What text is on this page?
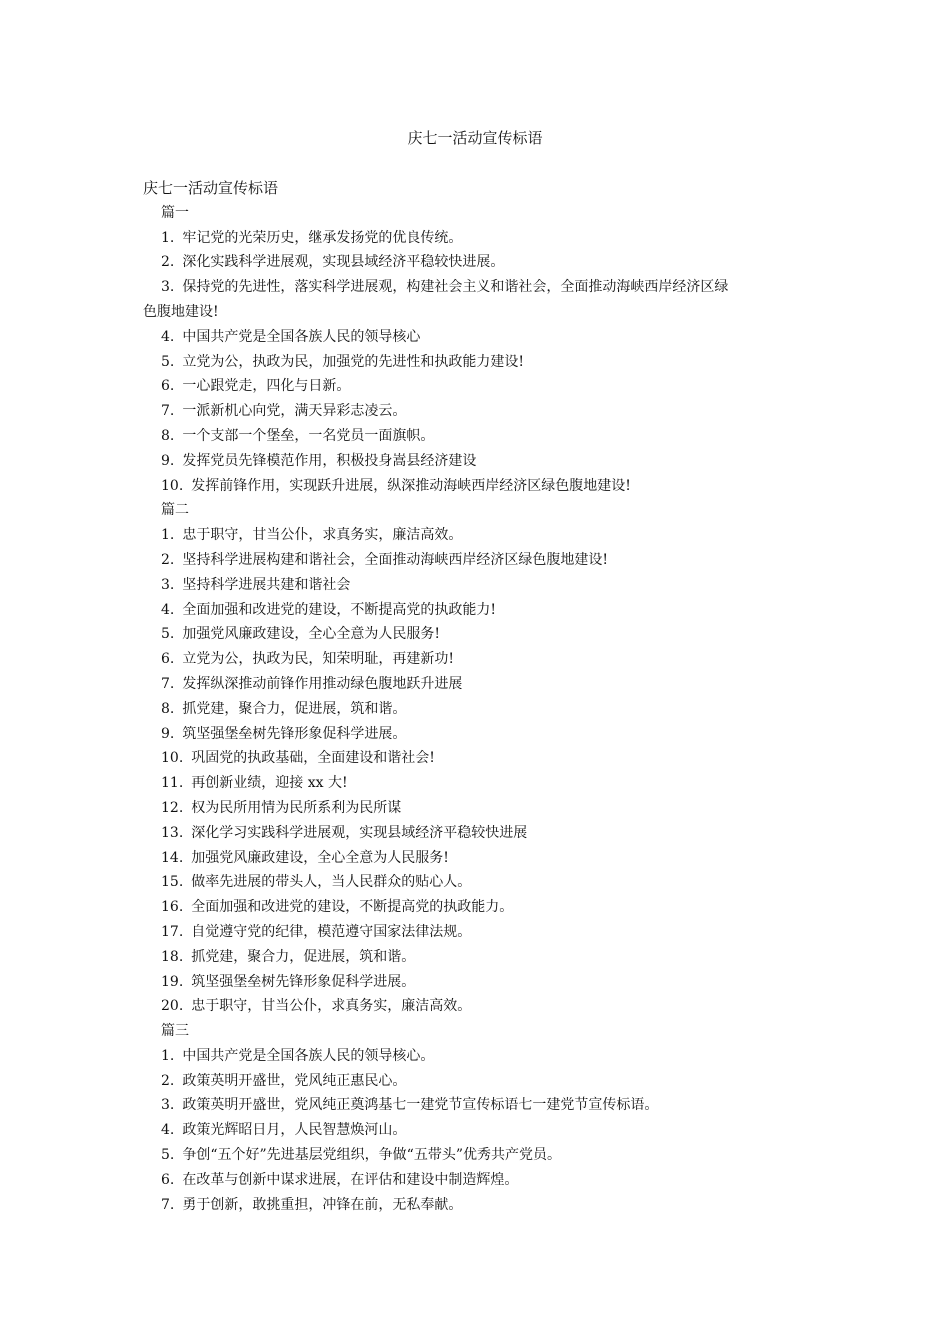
庆七一活动宣传标语
庆七一活动宣传标语
篇一
1. 牢记党的光荣历史，继承发扬党的优良传统。
2. 深化实践科学进展观，实现县域经济平稳较快进展。
3. 保持党的先进性，落实科学进展观，构建社会主义和谐社会，全面推动海峡西岸经济区绿
色腹地建设!
4. 中国共产党是全国各族人民的领导核心
5. 立党为公，执政为民，加强党的先进性和执政能力建设!
6. 一心跟党走，四化与日新。
7. 一派新机心向党，满天异彩志凌云。
8. 一个支部一个堡垒，一名党员一面旗帜。
9. 发挥党员先锋模范作用，积极投身嵩县经济建设
10. 发挥前锋作用，实现跃升进展，纵深推动海峡西岸经济区绿色腹地建设!
篇二
1. 忠于职守，甘当公仆，求真务实，廉洁高效。
2. 坚持科学进展构建和谐社会，全面推动海峡西岸经济区绿色腹地建设!
3. 坚持科学进展共建和谐社会
4. 全面加强和改进党的建设，不断提高党的执政能力!
5. 加强党风廉政建设，全心全意为人民服务!
6. 立党为公，执政为民，知荣明耻，再建新功!
7. 发挥纵深推动前锋作用推动绿色腹地跃升进展
8. 抓党建，聚合力，促进展，筑和谐。
9. 筑坚强堡垒树先锋形象促科学进展。
10. 巩固党的执政基础，全面建设和谐社会!
11. 再创新业绩，迎接 xx 大!
12. 权为民所用情为民所系利为民所谋
13. 深化学习实践科学进展观，实现县域经济平稳较快进展
14. 加强党风廉政建设，全心全意为人民服务!
15. 做率先进展的带头人，当人民群众的贴心人。
16. 全面加强和改进党的建设，不断提高党的执政能力。
17. 自觉遵守党的纪律，模范遵守国家法律法规。
18. 抓党建，聚合力，促进展，筑和谐。
19. 筑坚强堡垒树先锋形象促科学进展。
20. 忠于职守，甘当公仆，求真务实，廉洁高效。
篇三
1. 中国共产党是全国各族人民的领导核心。
2. 政策英明开盛世，党风纯正惠民心。
3. 政策英明开盛世，党风纯正奠鸿基七一建党节宣传标语七一建党节宣传标语。
4. 政策光辉昭日月，人民智慧焕河山。
5. 争创“五个好”先进基层党组织，争做“五带头”优秀共产党员。
6. 在改革与创新中谋求进展，在评估和建设中制造辉煌。
7. 勇于创新，敢挑重担，冲锋在前，无私奉献。
